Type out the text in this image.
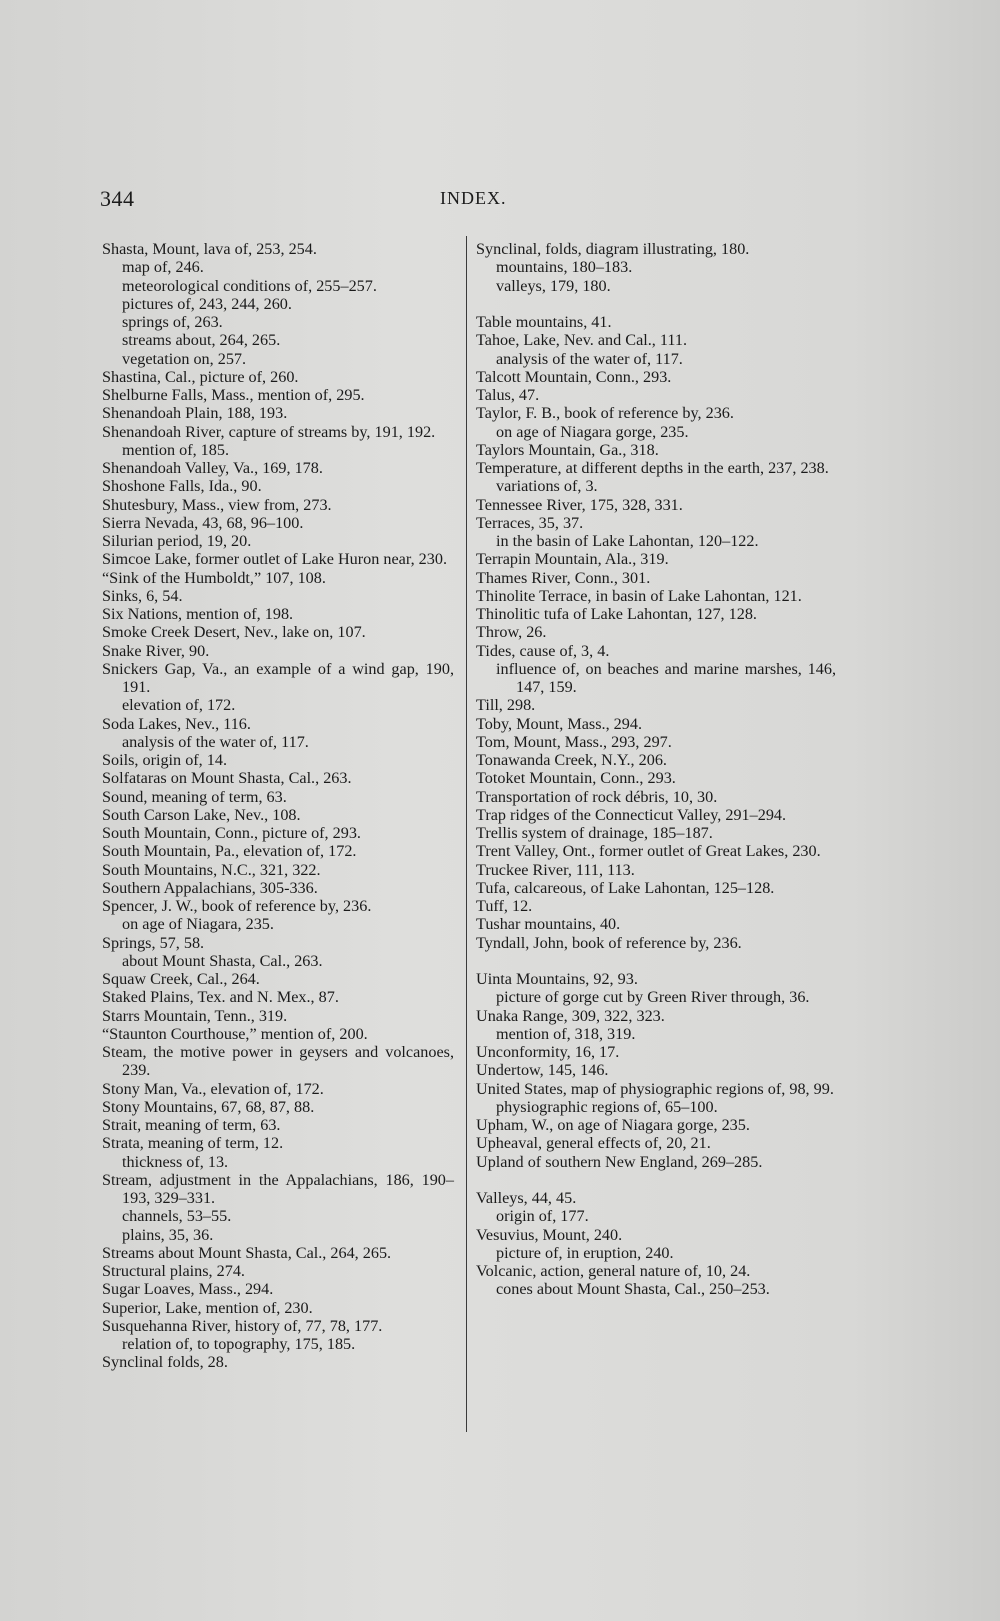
344	INDEX.
Shasta, Mount, lava of, 253, 254.
map of, 246.
meteorological conditions of, 255–257.
pictures of, 243, 244, 260.
springs of, 263.
streams about, 264, 265.
vegetation on, 257.
Shastina, Cal., picture of, 260.
Shelburne Falls, Mass., mention of, 295.
Shenandoah Plain, 188, 193.
Shenandoah River, capture of streams by, 191, 192.
mention of, 185.
Shenandoah Valley, Va., 169, 178.
Shoshone Falls, Ida., 90.
Shutesbury, Mass., view from, 273.
Sierra Nevada, 43, 68, 96–100.
Silurian period, 19, 20.
Simcoe Lake, former outlet of Lake Huron near, 230.
“Sink of the Humboldt,” 107, 108.
Sinks, 6, 54.
Six Nations, mention of, 198.
Smoke Creek Desert, Nev., lake on, 107.
Snake River, 90.
Snickers Gap, Va., an example of a wind gap, 190, 191.
elevation of, 172.
Soda Lakes, Nev., 116.
analysis of the water of, 117.
Soils, origin of, 14.
Solfataras on Mount Shasta, Cal., 263.
Sound, meaning of term, 63.
South Carson Lake, Nev., 108.
South Mountain, Conn., picture of, 293.
South Mountain, Pa., elevation of, 172.
South Mountains, N.C., 321, 322.
Southern Appalachians, 305-336.
Spencer, J. W., book of reference by, 236.
on age of Niagara, 235.
Springs, 57, 58.
about Mount Shasta, Cal., 263.
Squaw Creek, Cal., 264.
Staked Plains, Tex. and N. Mex., 87.
Starrs Mountain, Tenn., 319.
“Staunton Courthouse,” mention of, 200.
Steam, the motive power in geysers and volcanoes, 239.
Stony Man, Va., elevation of, 172.
Stony Mountains, 67, 68, 87, 88.
Strait, meaning of term, 63.
Strata, meaning of term, 12.
thickness of, 13.
Stream, adjustment in the Appalachians, 186, 190–193, 329–331.
channels, 53–55.
plains, 35, 36.
Streams about Mount Shasta, Cal., 264, 265.
Structural plains, 274.
Sugar Loaves, Mass., 294.
Superior, Lake, mention of, 230.
Susquehanna River, history of, 77, 78, 177.
relation of, to topography, 175, 185.
Synclinal folds, 28.
Synclinal, folds, diagram illustrating, 180.
mountains, 180–183.
valleys, 179, 180.
Table mountains, 41.
Tahoe, Lake, Nev. and Cal., 111.
analysis of the water of, 117.
Talcott Mountain, Conn., 293.
Talus, 47.
Taylor, F. B., book of reference by, 236.
on age of Niagara gorge, 235.
Taylors Mountain, Ga., 318.
Temperature, at different depths in the earth, 237, 238.
variations of, 3.
Tennessee River, 175, 328, 331.
Terraces, 35, 37.
in the basin of Lake Lahontan, 120–122.
Terrapin Mountain, Ala., 319.
Thames River, Conn., 301.
Thinolite Terrace, in basin of Lake Lahontan, 121.
Thinolitic tufa of Lake Lahontan, 127, 128.
Throw, 26.
Tides, cause of, 3, 4.
influence of, on beaches and marine marshes, 146, 147, 159.
Till, 298.
Toby, Mount, Mass., 294.
Tom, Mount, Mass., 293, 297.
Tonawanda Creek, N.Y., 206.
Totoket Mountain, Conn., 293.
Transportation of rock débris, 10, 30.
Trap ridges of the Connecticut Valley, 291–294.
Trellis system of drainage, 185–187.
Trent Valley, Ont., former outlet of Great Lakes, 230.
Truckee River, 111, 113.
Tufa, calcareous, of Lake Lahontan, 125–128.
Tuff, 12.
Tushar mountains, 40.
Tyndall, John, book of reference by, 236.
Uinta Mountains, 92, 93.
picture of gorge cut by Green River through, 36.
Unaka Range, 309, 322, 323.
mention of, 318, 319.
Unconformity, 16, 17.
Undertow, 145, 146.
United States, map of physiographic regions of, 98, 99.
physiographic regions of, 65–100.
Upham, W., on age of Niagara gorge, 235.
Upheaval, general effects of, 20, 21.
Upland of southern New England, 269–285.
Valleys, 44, 45.
origin of, 177.
Vesuvius, Mount, 240.
picture of, in eruption, 240.
Volcanic, action, general nature of, 10, 24.
cones about Mount Shasta, Cal., 250–253.
